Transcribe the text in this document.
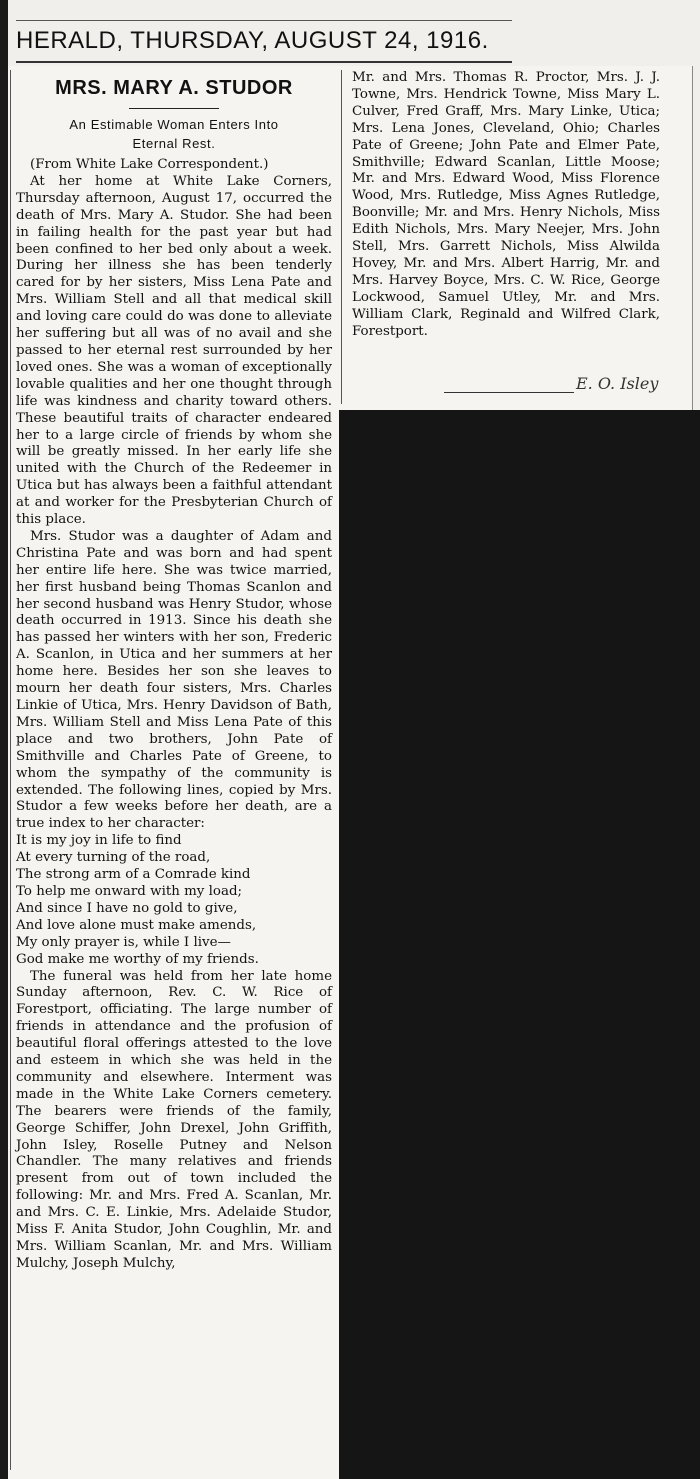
HERALD, THURSDAY, AUGUST 24, 1916.
MRS. MARY A. STUDOR

An Estimable Woman Enters Into
Eternal Rest.

(From White Lake Correspondent.)

At her home at White Lake Corners, Thursday afternoon, August 17, occurred the death of Mrs. Mary A. Studor. She had been in failing health for the past year but had been confined to her bed only about a week. During her illness she has been tenderly cared for by her sisters, Miss Lena Pate and Mrs. William Stell and all that medical skill and loving care could do was done to alleviate her suffering but all was of no avail and she passed to her eternal rest surrounded by her loved ones. She was a woman of exceptionally lovable qualities and her one thought through life was kindness and charity toward others. These beautiful traits of character endeared her to a large circle of friends by whom she will be greatly missed. In her early life she united with the Church of the Redeemer in Utica but has always been a faithful attendant at and worker for the Presbyterian Church of this place.

Mrs. Studor was a daughter of Adam and Christina Pate and was born and had spent her entire life here. She was twice married, her first husband being Thomas Scanlon and her second husband was Henry Studor, whose death occurred in 1913. Since his death she has passed her winters with her son, Frederic A. Scanlon, in Utica and her summers at her home here. Besides her son she leaves to mourn her death four sisters, Mrs. Charles Linkie of Utica, Mrs. Henry Davidson of Bath, Mrs. William Stell and Miss Lena Pate of this place and two brothers, John Pate of Smithville and Charles Pate of Greene, to whom the sympathy of the community is extended. The following lines, copied by Mrs. Studor a few weeks before her death, are a true index to her character:

It is my joy in life to find
At every turning of the road,
The strong arm of a Comrade kind
To help me onward with my load;
And since I have no gold to give,
And love alone must make amends,
My only prayer is, while I live—
God make me worthy of my friends.

The funeral was held from her late home Sunday afternoon, Rev. C. W. Rice of Forestport, officiating. The large number of friends in attendance and the profusion of beautiful floral offerings attested to the love and esteem in which she was held in the community and elsewhere. Interment was made in the White Lake Corners cemetery. The bearers were friends of the family, George Schiffer, John Drexel, John Griffith, John Isley, Roselle Putney and Nelson Chandler. The many relatives and friends present from out of town included the following: Mr. and Mrs. Fred A. Scanlan, Mr. and Mrs. C. E. Linkie, Mrs. Adelaide Studor, Miss F. Anita Studor, John Coughlin, Mr. and Mrs. William Scanlan, Mr. and Mrs. William Mulchy, Joseph Mulchy,

Mr. and Mrs. Thomas R. Proctor, Mrs. J. J. Towne, Mrs. Hendrick Towne, Miss Mary L. Culver, Fred Graff, Mrs. Mary Linke, Utica; Mrs. Lena Jones, Cleveland, Ohio; Charles Pate of Greene; John Pate and Elmer Pate, Smithville; Edward Scanlan, Little Moose; Mr. and Mrs. Edward Wood, Miss Florence Wood, Mrs. Rutledge, Miss Agnes Rutledge, Boonville; Mr. and Mrs. Henry Nichols, Miss Edith Nichols, Mrs. Mary Neejer, Mrs. John Stell, Mrs. Garrett Nichols, Miss Alwilda Hovey, Mr. and Mrs. Albert Harrig, Mr. and Mrs. Harvey Boyce, Mrs. C. W. Rice, George Lockwood, Samuel Utley, Mr. and Mrs. William Clark, Reginald and Wilfred Clark, Forestport.

E. O. Isley
